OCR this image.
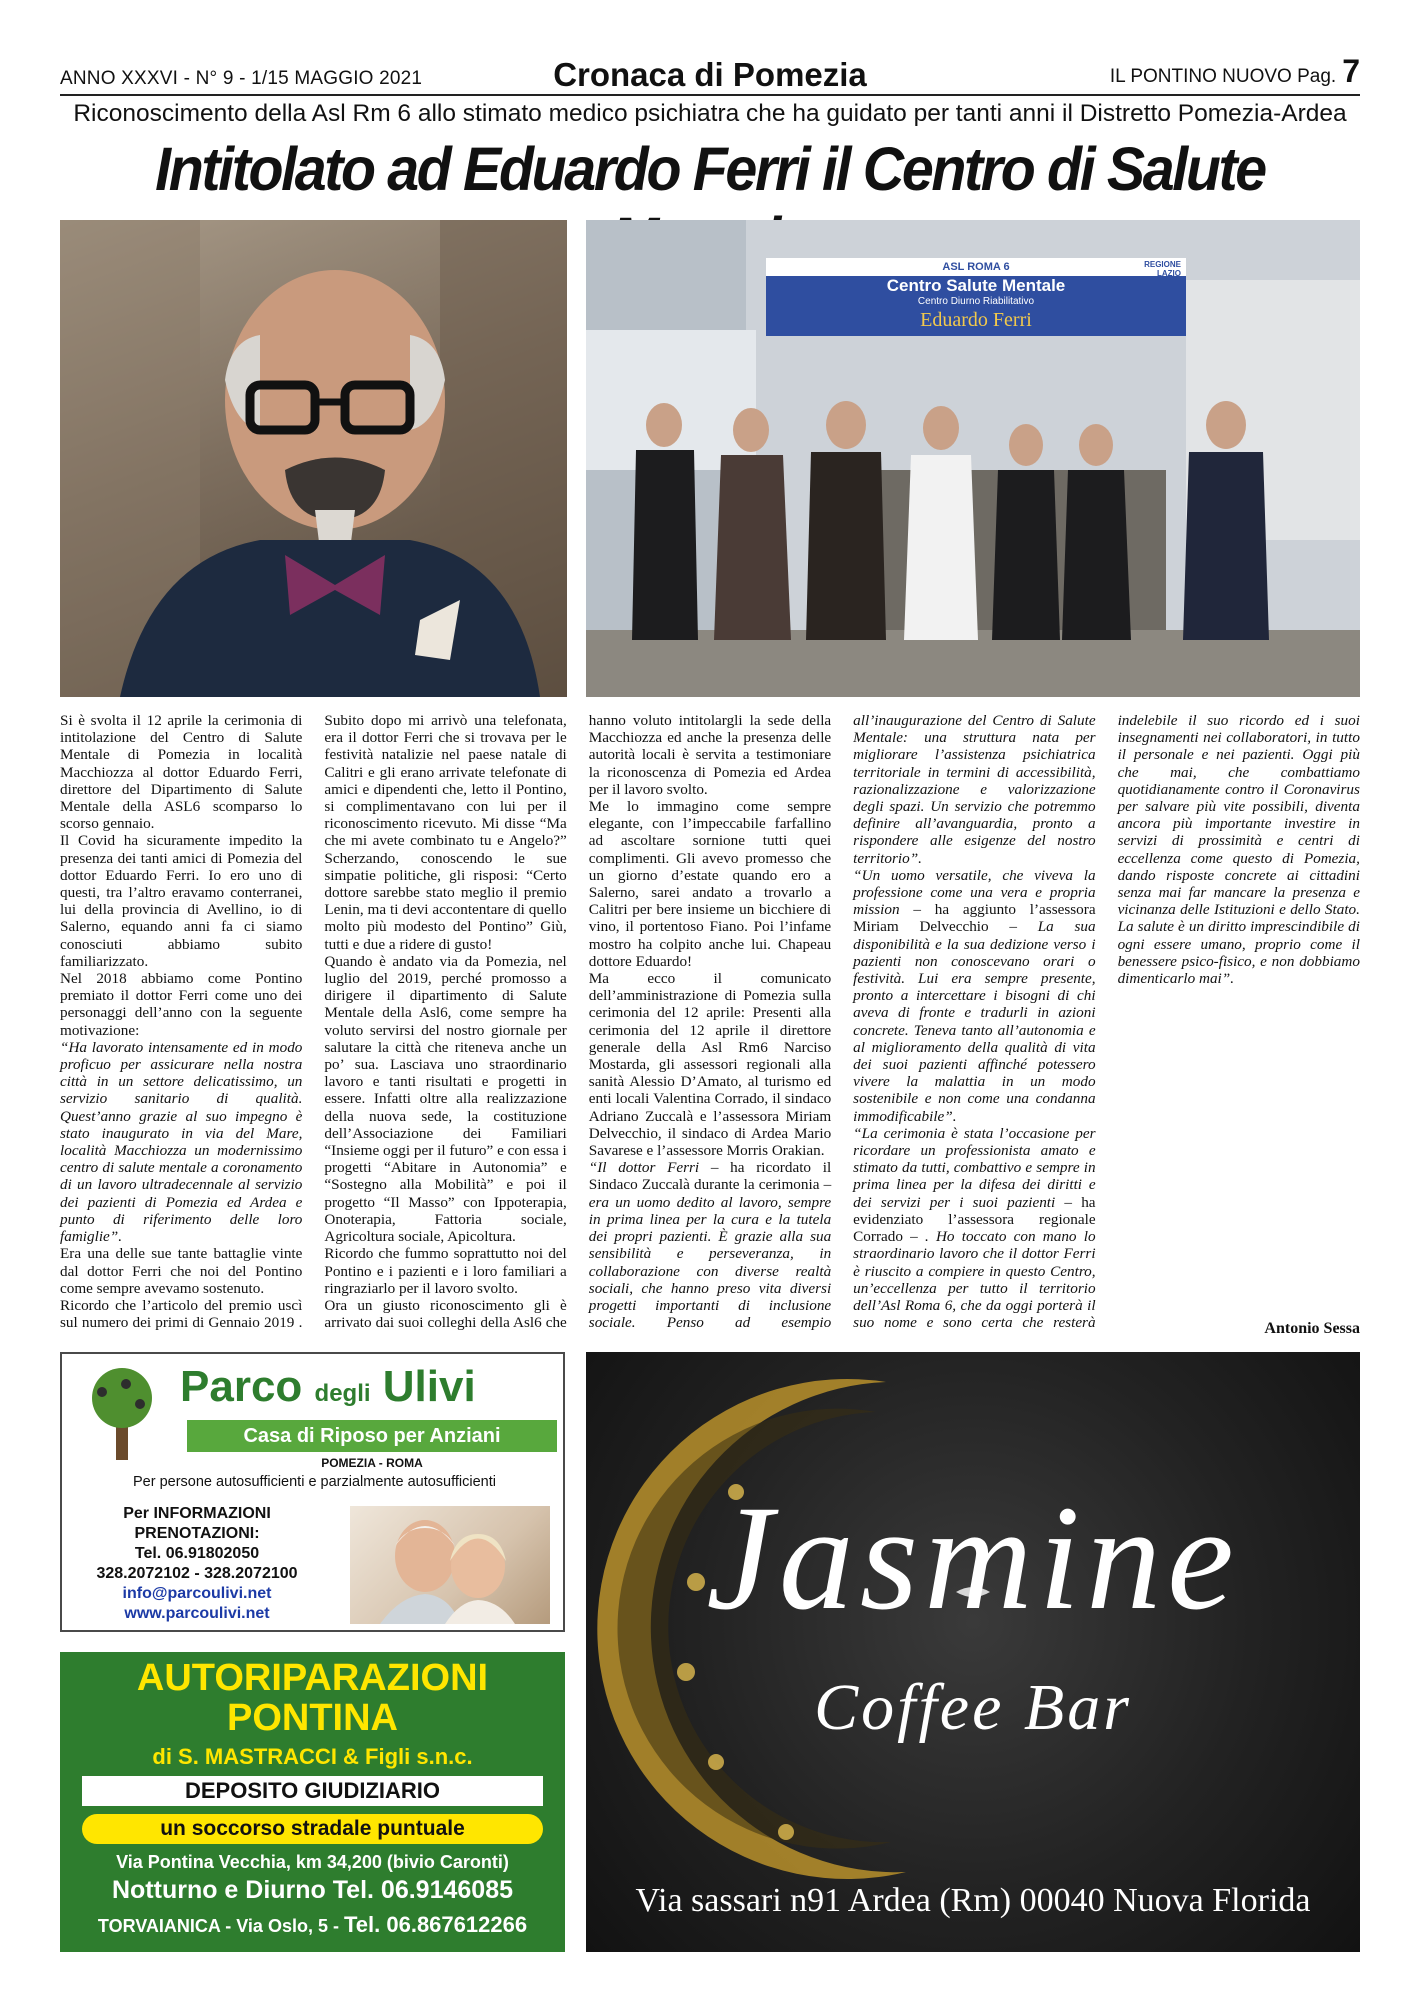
ANNO XXXVI - N° 9 - 1/15 MAGGIO 2021	Cronaca di Pomezia	IL PONTINO NUOVO Pag. 7
Riconoscimento della Asl Rm 6 allo stimato medico psichiatra che ha guidato per tanti anni il Distretto Pomezia-Ardea
Intitolato ad Eduardo Ferri il Centro di Salute
ASL ROMA 6
Centro Salute Mentale
Centro Diurno Riabilitativo
Eduardo Ferri
REGIONE LAZIO

Si è svolta il 12 aprile la cerimonia di intitolazione del Centro di Salute Mentale di Pomezia in località Macchiozza al dottor Eduardo Ferri, direttore del Dipartimento di Salute Mentale della ASL6 scomparso lo scorso gennaio.

Il Covid ha sicuramente impedito la presenza dei tanti amici di Pomezia del dottor Eduardo Ferri. Io ero uno di questi, tra l’altro eravamo conterranei, lui della provincia di Avellino, io di Salerno, equando anni fa ci siamo conosciuti abbiamo subito familiarizzato.

Nel 2018 abbiamo come Pontino premiato il dottor Ferri come uno dei personaggi dell’anno con la seguente motivazione:

“Ha lavorato intensamente ed in modo proficuo per assicurare nella nostra città in un settore delicatissimo, un servizio sanitario di qualità. Quest’anno grazie al suo impegno è stato inaugurato in via del Mare, località Macchiozza un modernissimo centro di salute mentale a coronamento di un lavoro ultradecennale al servizio dei pazienti di Pomezia ed Ardea e punto di riferimento delle loro famiglie”.

Era una delle sue tante battaglie vinte dal dottor Ferri che noi del Pontino come sempre avevamo sostenuto.

Ricordo che l’articolo del premio uscì sul numero dei primi di Gennaio 2019 . Subito dopo mi arrivò una telefonata, era il dottor Ferri che si trovava per le festività natalizie nel paese natale di Calitri e gli erano arrivate telefonate di amici e dipendenti che, letto il Pontino, si complimentavano con lui per il riconoscimento ricevuto. Mi disse “Ma che mi avete combinato tu e Angelo?” Scherzando, conoscendo le sue simpatie politiche, gli risposi: “Certo dottore sarebbe stato meglio il premio Lenin, ma ti devi accontentare di quello molto più modesto del Pontino” Giù, tutti e due a ridere di gusto!

Quando è andato via da Pomezia, nel luglio del 2019, perché promosso a dirigere il dipartimento di Salute Mentale della Asl6, come sempre ha voluto servirsi del nostro giornale per salutare la città che riteneva anche un po’ sua. Lasciava uno straordinario lavoro e tanti risultati e progetti in essere. Infatti oltre alla realizzazione della nuova sede, la costituzione dell’Associazione dei Familiari “Insieme oggi per il futuro” e con essa i progetti “Abitare in Autonomia” e “Sostegno alla Mobilità” e poi il progetto “Il Masso” con Ippoterapia, Onoterapia, Fattoria sociale, Agricoltura sociale, Apicoltura.

Ricordo che fummo soprattutto noi del Pontino e i pazienti e i loro familiari a ringraziarlo per il lavoro svolto.

Ora un giusto riconoscimento gli è arrivato dai suoi colleghi della Asl6 che hanno voluto intitolargli la sede della Macchiozza ed anche la presenza delle autorità locali è servita a testimoniare la riconoscenza di Pomezia ed Ardea per il lavoro svolto.

Me lo immagino come sempre elegante, con l’impeccabile farfallino ad ascoltare sornione tutti quei complimenti. Gli avevo promesso che un giorno d’estate quando ero a Salerno, sarei andato a trovarlo a Calitri per bere insieme un bicchiere di vino, il portentoso Fiano. Poi l’infame mostro ha colpito anche lui. Chapeau dottore Eduardo!

Ma ecco il comunicato dell’amministrazione di Pomezia sulla cerimonia del 12 aprile: Presenti alla cerimonia del 12 aprile il direttore generale della Asl Rm6 Narciso Mostarda, gli assessori regionali alla sanità Alessio D’Amato, al turismo ed enti locali Valentina Corrado, il sindaco Adriano Zuccalà e l’assessora Miriam Delvecchio, il sindaco di Ardea Mario Savarese e l’assessore Morris Orakian.

“Il dottor Ferri – ha ricordato il Sindaco Zuccalà durante la cerimonia – era un uomo dedito al lavoro, sempre in prima linea per la cura e la tutela dei propri pazienti. È grazie alla sua sensibilità e perseveranza, in collaborazione con diverse realtà sociali, che hanno preso vita diversi progetti importanti di inclusione sociale. Penso ad esempio all’inaugurazione del Centro di Salute Mentale: una struttura nata per migliorare l’assistenza psichiatrica territoriale in termini di accessibilità, razionalizzazione e valorizzazione degli spazi. Un servizio che potremmo definire all’avanguardia, pronto a rispondere alle esigenze del nostro territorio”.

“Un uomo versatile, che viveva la professione come una vera e propria mission – ha aggiunto l’assessora Miriam Delvecchio – La sua disponibilità e la sua dedizione verso i pazienti non conoscevano orari o festività. Lui era sempre presente, pronto a intercettare i bisogni di chi aveva di fronte e tradurli in azioni concrete. Teneva tanto all’autonomia e al miglioramento della qualità di vita dei suoi pazienti affinché potessero vivere la malattia in un modo sostenibile e non come una condanna immodificabile”.

“La cerimonia è stata l’occasione per ricordare un professionista amato e stimato da tutti, combattivo e sempre in prima linea per la difesa dei diritti e dei servizi per i suoi pazienti – ha evidenziato l’assessora regionale Corrado – . Ho toccato con mano lo straordinario lavoro che il dottor Ferri è riuscito a compiere in questo Centro, un’eccellenza per tutto il territorio dell’Asl Roma 6, che da oggi porterà il suo nome e sono certa che resterà indelebile il suo ricordo ed i suoi insegnamenti nei collaboratori, in tutto il personale e nei pazienti. Oggi più che mai, che combattiamo quotidianamente contro il Coronavirus per salvare più vite possibili, diventa ancora più importante investire in servizi di prossimità e centri di eccellenza come questo di Pomezia, dando risposte concrete ai cittadini senza mai far mancare la presenza e vicinanza delle Istituzioni e dello Stato. La salute è un diritto imprescindibile di ogni essere umano, proprio come il benessere psico-fisico, e non dobbiamo dimenticarlo mai”.

Antonio Sessa
Parco degli Ulivi
Casa di Riposo per Anziani
POMEZIA - ROMA
Per persone autosufficienti e parzialmente autosufficienti
Per INFORMAZIONI PRENOTAZIONI:
Tel. 06.91802050
328.2072102 - 328.2072100
info@parcoulivi.net
www.parcoulivi.net
AUTORIPARAZIONI
PONTINA
di S. MASTRACCI & Figli s.n.c.
DEPOSITO GIUDIZIARIO
un soccorso stradale puntuale
Via Pontina Vecchia, km 34,200 (bivio Caronti)
Notturno e Diurno Tel. 06.9146085
TORVAIANICA - Via Oslo, 5 - Tel. 06.867612266
Jasmine
Coffee Bar
Via sassari n91 Ardea (Rm) 00040 Nuova Florida
